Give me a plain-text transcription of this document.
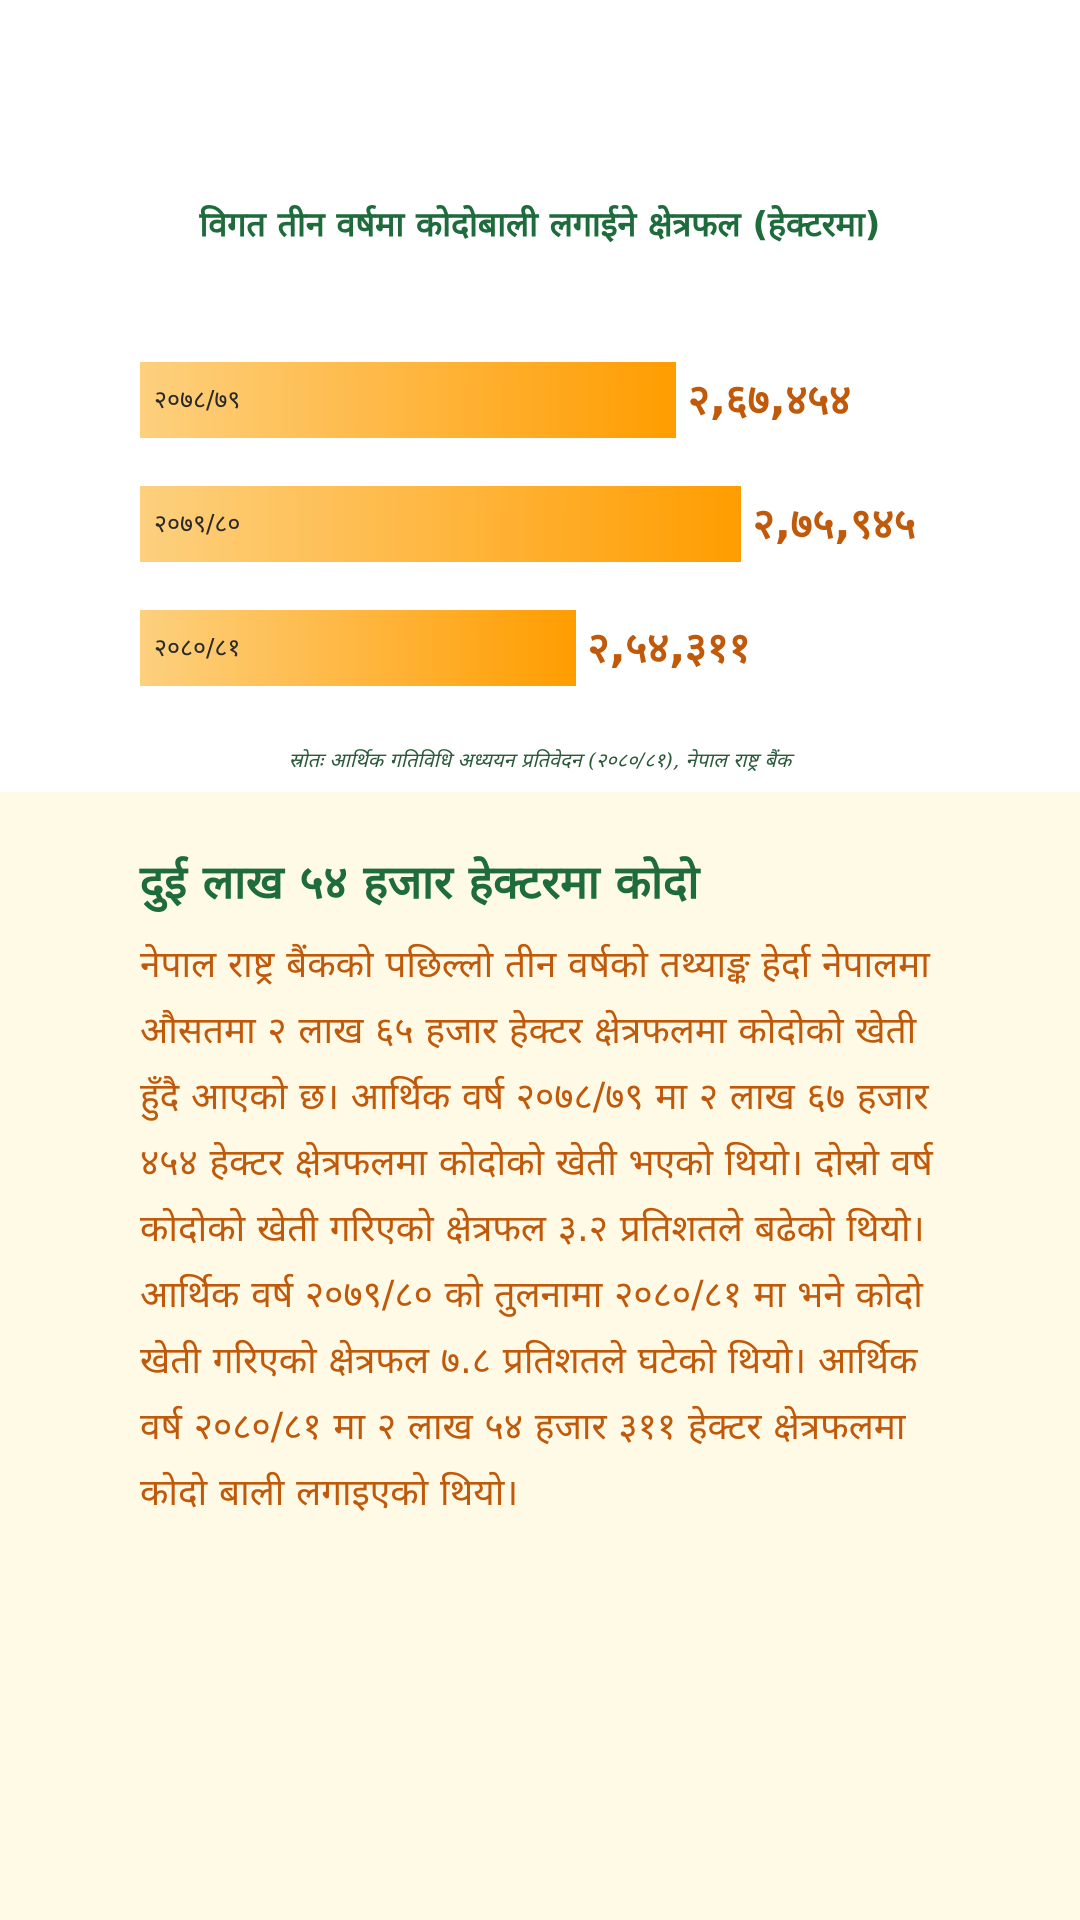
विगत तीन वर्षमा कोदोबाली लगाईने क्षेत्रफल (हेक्टरमा)
२०७८/७९	२,६७,४५४
२०७९/८०	२,७५,९४५
२०८०/८१	२,५४,३११
स्रोतः आर्थिक गतिविधि अध्ययन प्रतिवेदन (२०८०/८१), नेपाल राष्ट्र बैंक
दुई लाख ५४ हजार हेक्टरमा कोदो

नेपाल राष्ट्र बैंकको पछिल्लो तीन वर्षको तथ्याङ्क हेर्दा नेपालमा औसतमा २ लाख ६५ हजार हेक्टर क्षेत्रफलमा कोदोको खेती हुँदै आएको छ। आर्थिक वर्ष २०७८/७९ मा २ लाख ६७ हजार ४५४ हेक्टर क्षेत्रफलमा कोदोको खेती भएको थियो। दोस्रो वर्ष कोदोको खेती गरिएको क्षेत्रफल ३.२ प्रतिशतले बढेको थियो। आर्थिक वर्ष २०७९/८० को तुलनामा २०८०/८१ मा भने कोदो खेती गरिएको क्षेत्रफल ७.८ प्रतिशतले घटेको थियो। आर्थिक वर्ष २०८०/८१ मा २ लाख ५४ हजार ३११ हेक्टर क्षेत्रफलमा कोदो बाली लगाइएको थियो।
